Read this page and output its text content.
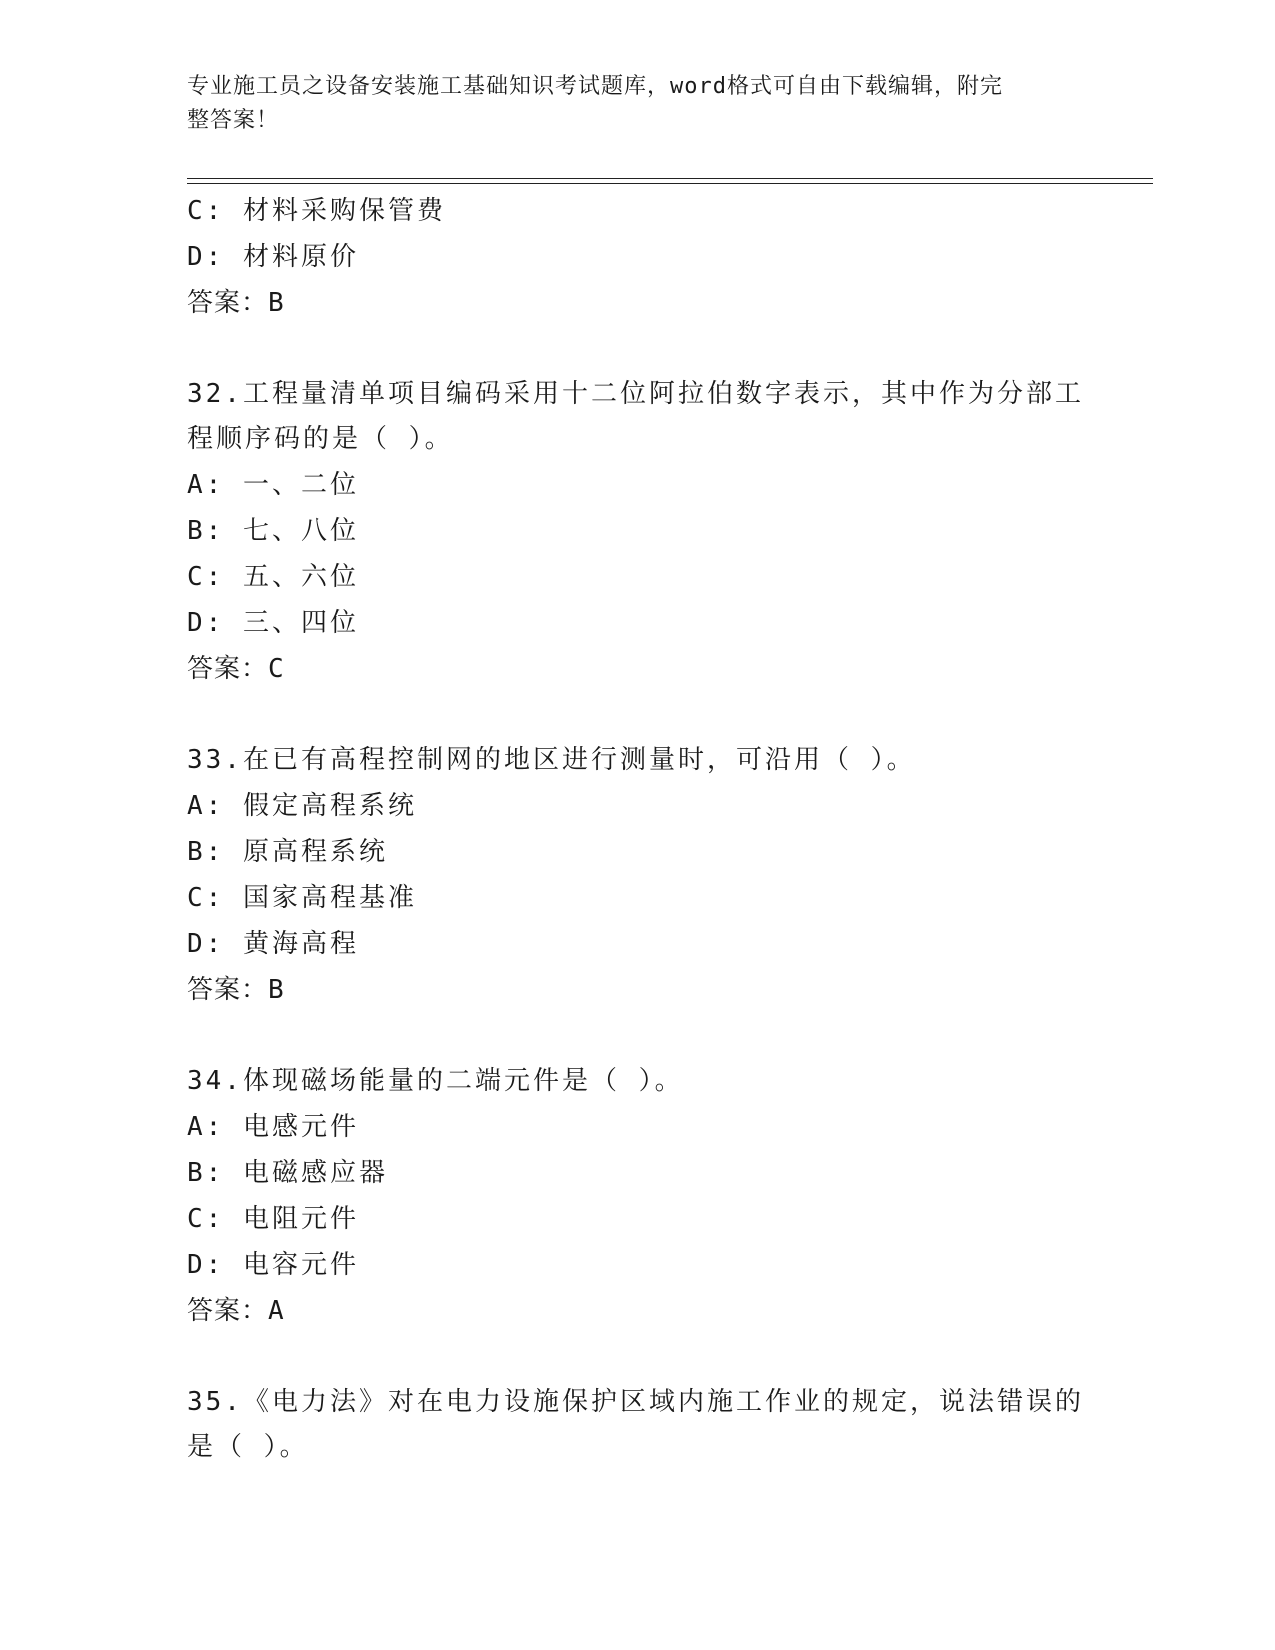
专业施工员之设备安装施工基础知识考试题库，word格式可自由下载编辑，附完
整答案！
C: 材料采购保管费
D: 材料原价
答案：B
32.工程量清单项目编码采用十二位阿拉伯数字表示，其中作为分部工
程顺序码的是（ ）。
A: 一、二位
B: 七、八位
C: 五、六位
D: 三、四位
答案：C
33.在已有高程控制网的地区进行测量时，可沿用（ ）。
A: 假定高程系统
B: 原高程系统
C: 国家高程基准
D: 黄海高程
答案：B
34.体现磁场能量的二端元件是（ ）。
A: 电感元件
B: 电磁感应器
C: 电阻元件
D: 电容元件
答案：A
35.《电力法》对在电力设施保护区域内施工作业的规定，说法错误的
是（ ）。
